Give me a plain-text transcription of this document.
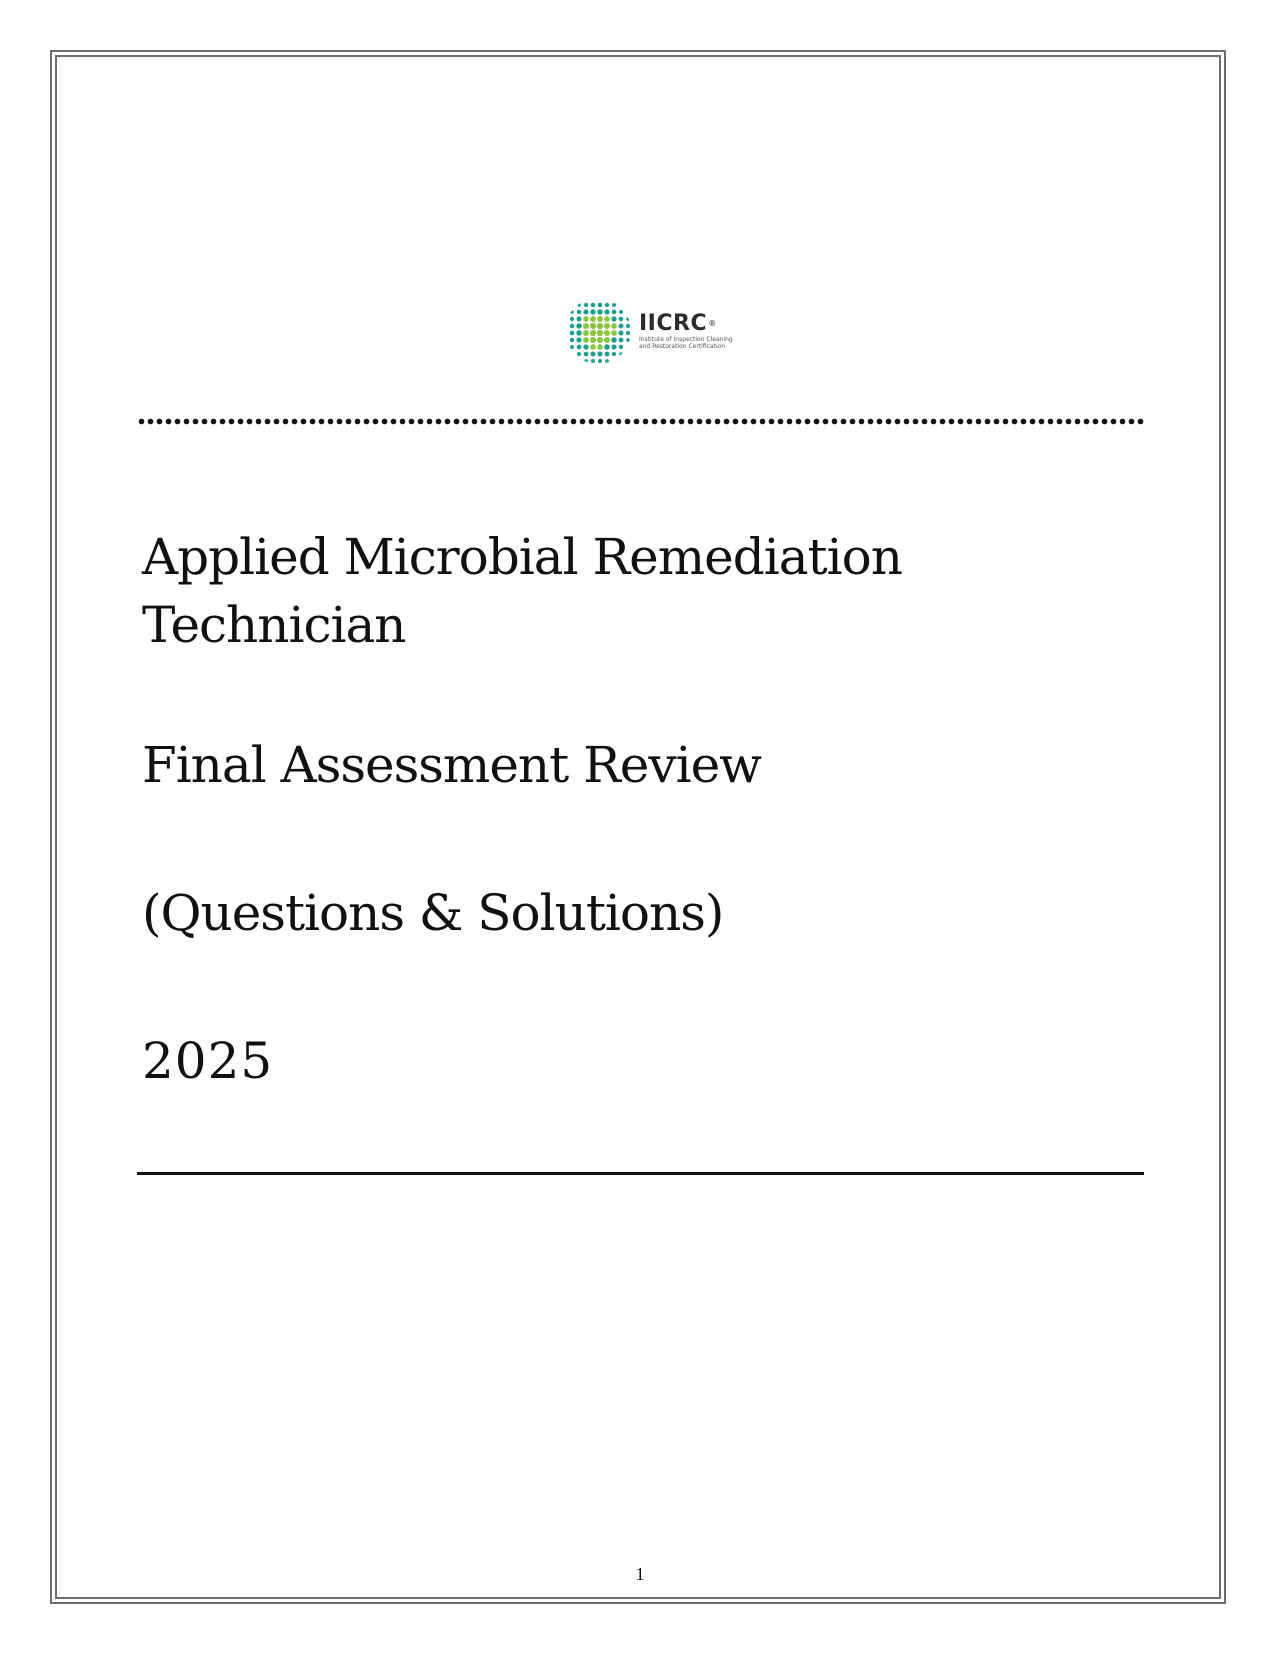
IICRC®
Institute of Inspection Cleaning
and Restoration Certification
Applied Microbial Remediation
Technician
Final Assessment Review
(Questions & Solutions)
2025
1
